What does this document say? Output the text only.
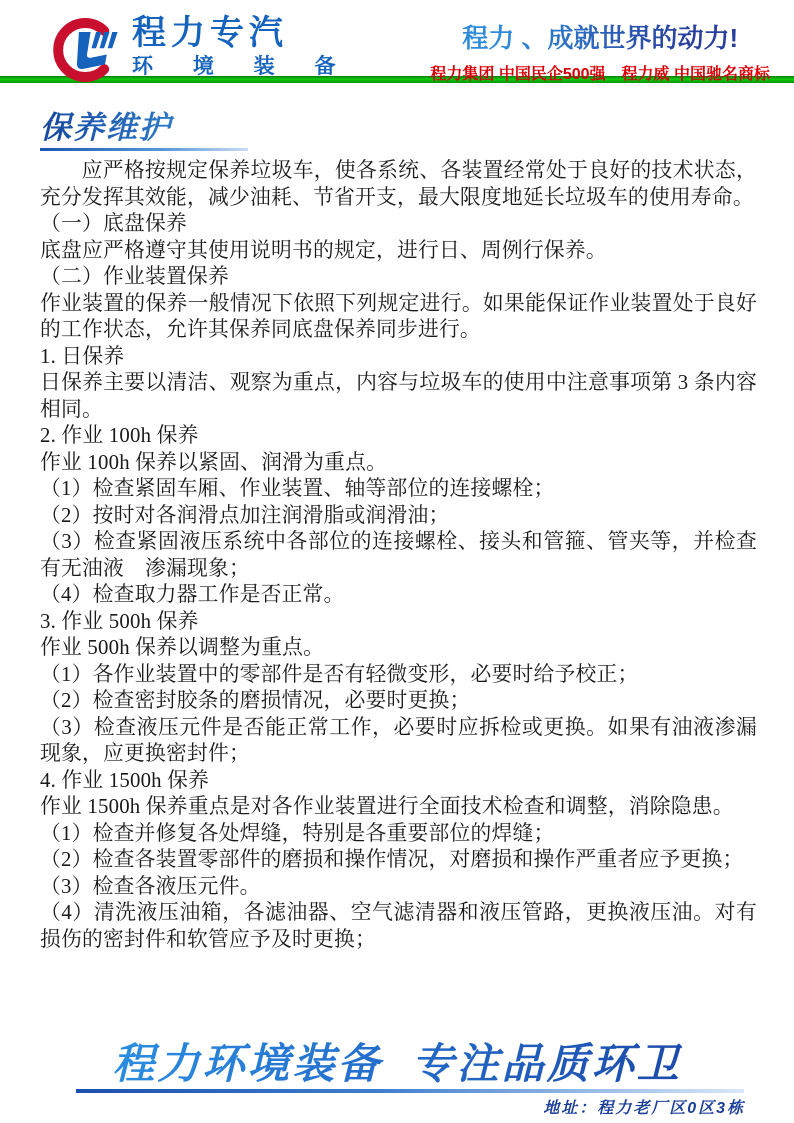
程力专汽
环 境 装 备
程力 、成就世界的动力!
程力集团 中国民企500强　程力威 中国驰名商标
保养维护

应严格按规定保养垃圾车，使各系统、各装置经常处于良好的技术状态，充分发挥其效能，减少油耗、节省开支，最大限度地延长垃圾车的使用寿命。

（一）底盘保养

底盘应严格遵守其使用说明书的规定，进行日、周例行保养。

（二）作业装置保养

作业装置的保养一般情况下依照下列规定进行。如果能保证作业装置处于良好的工作状态，允许其保养同底盘保养同步进行。

1. 日保养

日保养主要以清洁、观察为重点，内容与垃圾车的使用中注意事项第 3 条内容相同。

2. 作业 100h 保养

作业 100h 保养以紧固、润滑为重点。

（1）检查紧固车厢、作业装置、轴等部位的连接螺栓；

（2）按时对各润滑点加注润滑脂或润滑油；

（3）检查紧固液压系统中各部位的连接螺栓、接头和管箍、管夹等，并检查有无油液　渗漏现象；

（4）检查取力器工作是否正常。

3. 作业 500h 保养

作业 500h 保养以调整为重点。

（1）各作业装置中的零部件是否有轻微变形，必要时给予校正；

（2）检查密封胶条的磨损情况，必要时更换；

（3）检查液压元件是否能正常工作，必要时应拆检或更换。如果有油液渗漏现象，应更换密封件；

4. 作业 1500h 保养

作业 1500h 保养重点是对各作业装置进行全面技术检查和调整，消除隐患。

（1）检查并修复各处焊缝，特别是各重要部位的焊缝；

（2）检查各装置零部件的磨损和操作情况，对磨损和操作严重者应予更换；

（3）检查各液压元件。

（4）清洗液压油箱，各滤油器、空气滤清器和液压管路，更换液压油。对有损伤的密封件和软管应予及时更换；

程力环境装备  专注品质环卫
地址：程力老厂区0区3栋
